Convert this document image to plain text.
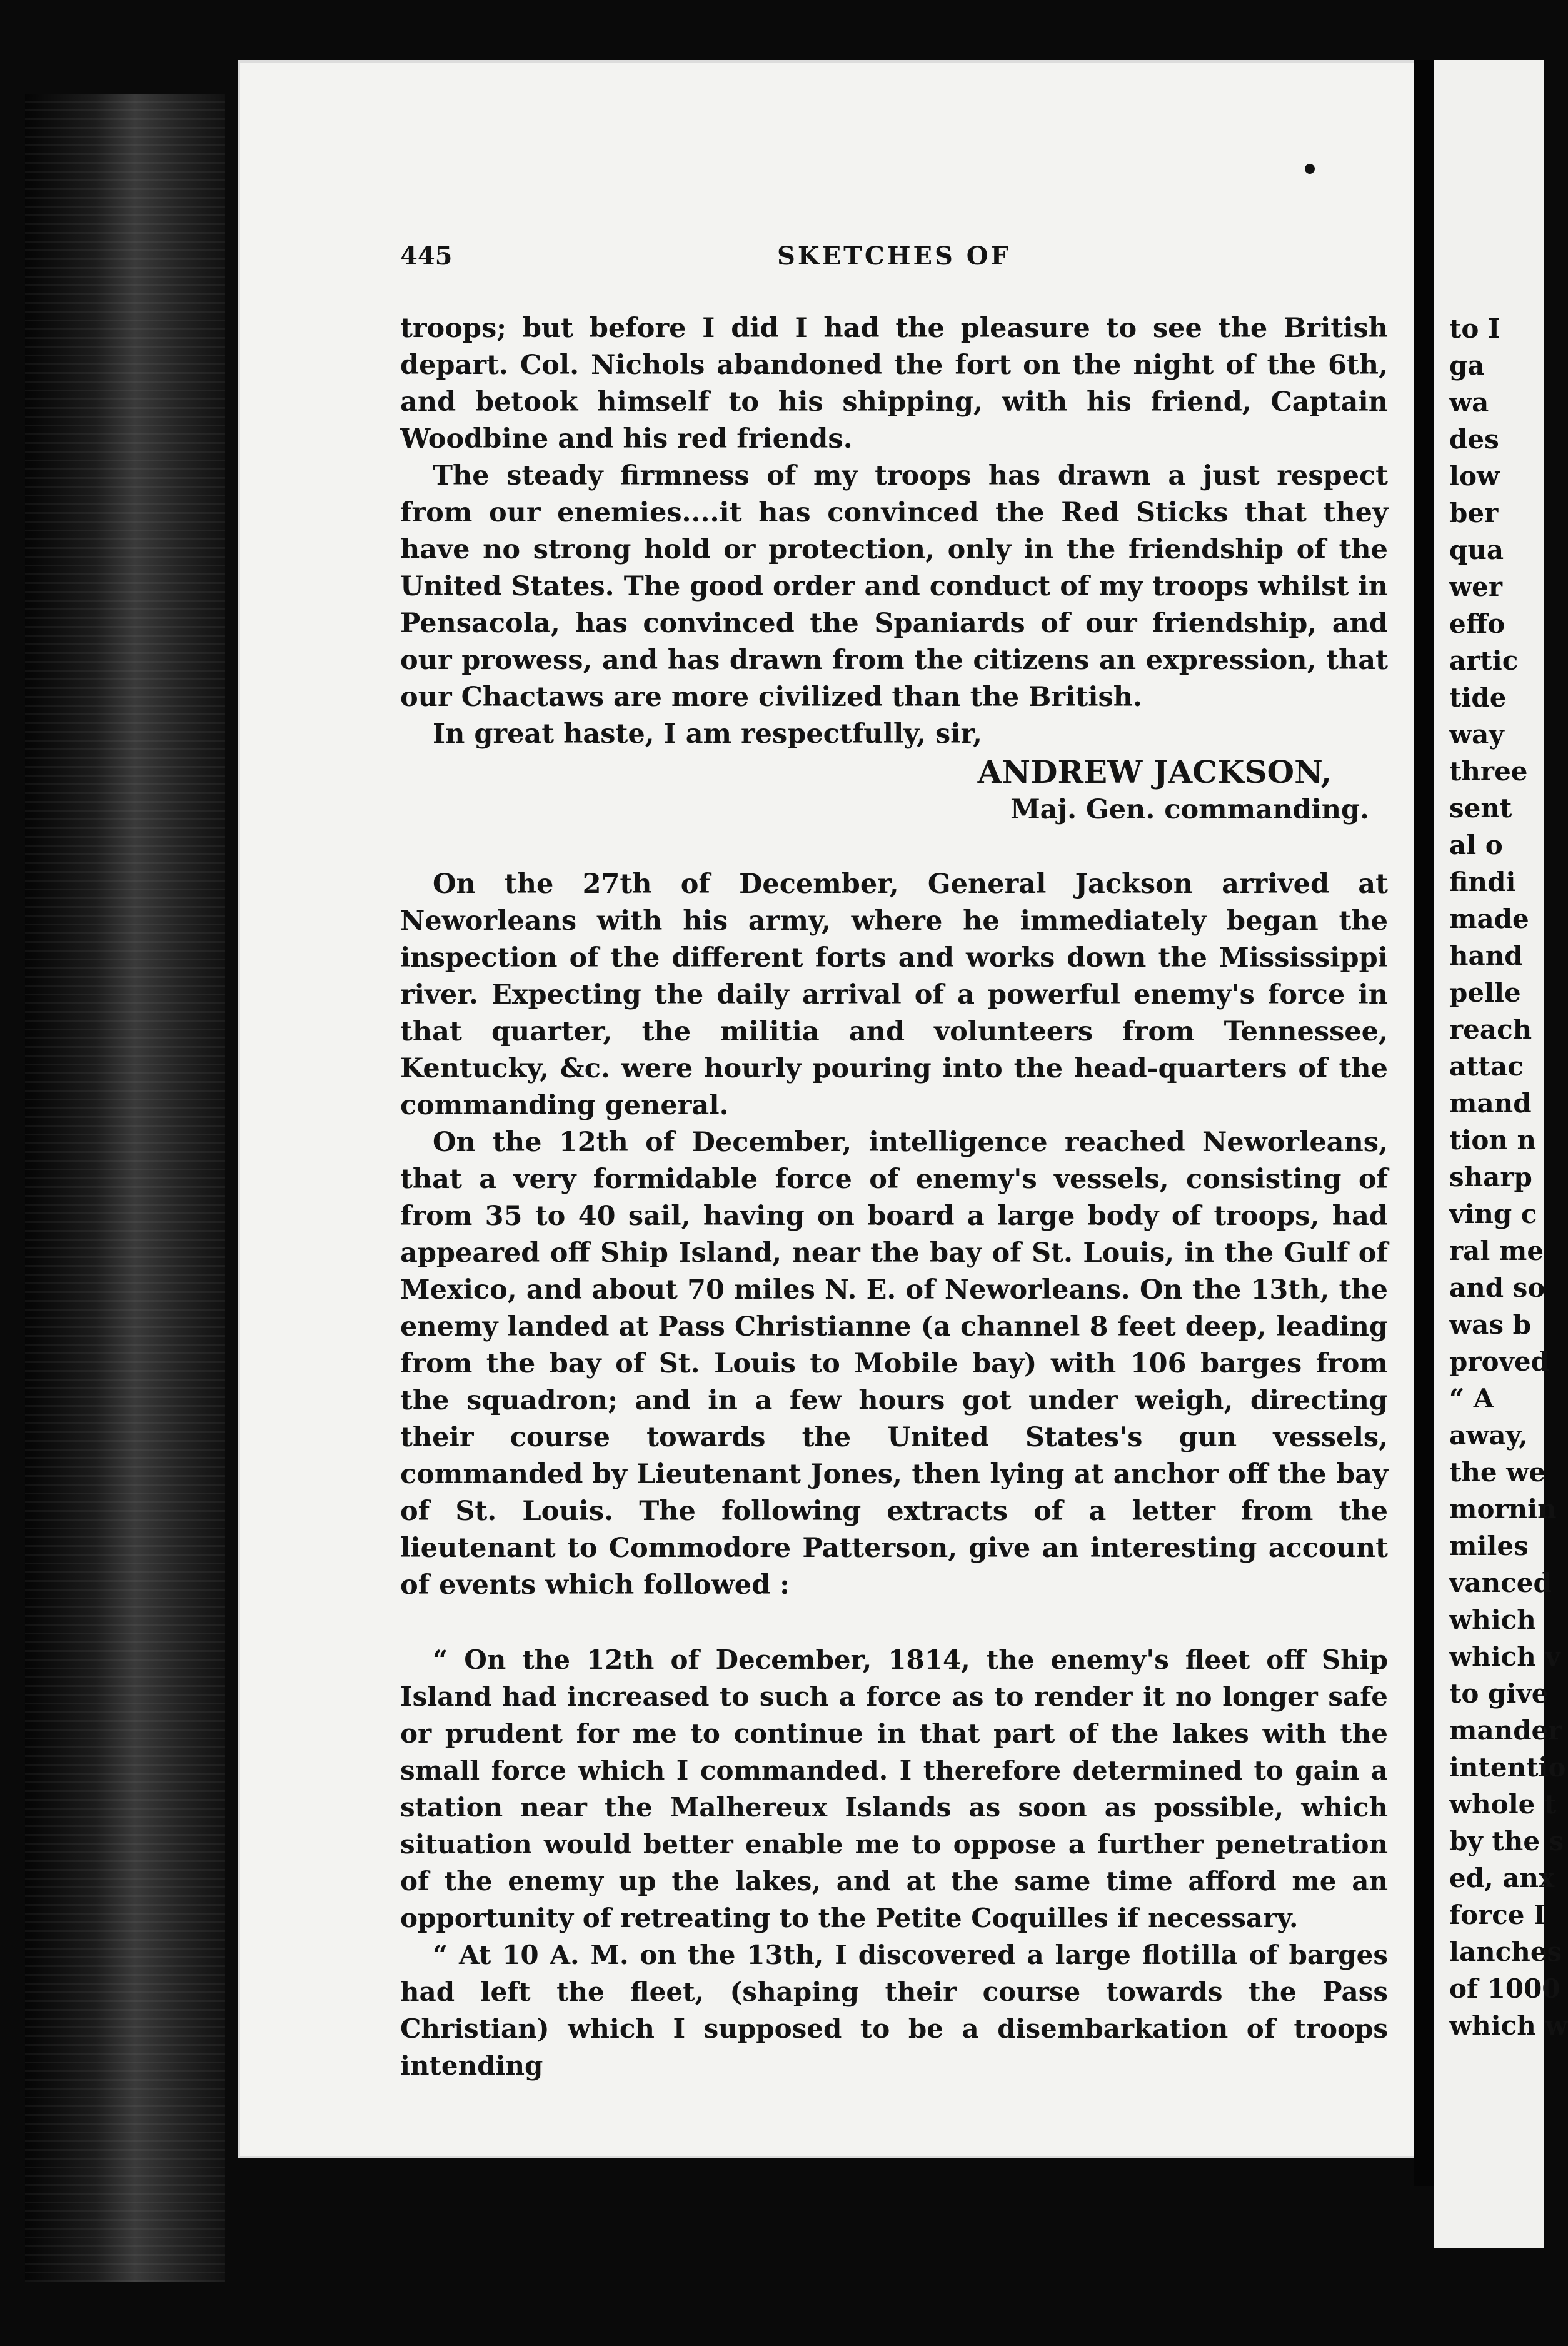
445	SKETCHES OF

troops; but before I did I had the pleasure to see the British depart. Col. Nichols abandoned the fort on the night of the 6th, and betook himself to his shipping, with his friend, Captain Woodbine and his red friends.

The steady firmness of my troops has drawn a just respect from our enemies....it has convinced the Red Sticks that they have no strong hold or protection, only in the friendship of the United States. The good order and conduct of my troops whilst in Pensacola, has convinced the Spaniards of our friendship, and our prowess, and has drawn from the citizens an expression, that our Chactaws are more civilized than the British.

In great haste, I am respectfully, sir,

ANDREW JACKSON,
Maj. Gen. commanding.

On the 27th of December, General Jackson arrived at Neworleans with his army, where he immediately began the inspection of the different forts and works down the Mississippi river. Expecting the daily arrival of a powerful enemy's force in that quarter, the militia and volunteers from Tennessee, Kentucky, &c. were hourly pouring into the head-quarters of the commanding general.

On the 12th of December, intelligence reached Neworleans, that a very formidable force of enemy's vessels, consisting of from 35 to 40 sail, having on board a large body of troops, had appeared off Ship Island, near the bay of St. Louis, in the Gulf of Mexico, and about 70 miles N. E. of Neworleans. On the 13th, the enemy landed at Pass Christianne (a channel 8 feet deep, leading from the bay of St. Louis to Mobile bay) with 106 barges from the squadron; and in a few hours got under weigh, directing their course towards the United States's gun vessels, commanded by Lieutenant Jones, then lying at anchor off the bay of St. Louis. The following extracts of a letter from the lieutenant to Commodore Patterson, give an interesting account of events which followed :

“ On the 12th of December, 1814, the enemy's fleet off Ship Island had increased to such a force as to render it no longer safe or prudent for me to continue in that part of the lakes with the small force which I commanded. I therefore determined to gain a station near the Malhereux Islands as soon as possible, which situation would better enable me to oppose a further penetration of the enemy up the lakes, and at the same time afford me an opportunity of retreating to the Petite Coquilles if necessary.

“ At 10 A. M. on the 13th, I discovered a large flotilla of barges had left the fleet, (shaping their course towards the Pass Christian) which I supposed to be a disembarkation of troops intending

to I
ga
wa
des
low
ber
qua
wer
effo
artic
tide
way
three
sent
al o
findi
made
hand
pelle
reach
attac
mand
tion n
sharp
ving c
ral me
and so
was b
proved
“ A
away,
the we
mornin
miles
vanced
which
which v
to give
mander
intentio
whole t
by the s
ed, anx
force I
lanches
of 1000
which w
